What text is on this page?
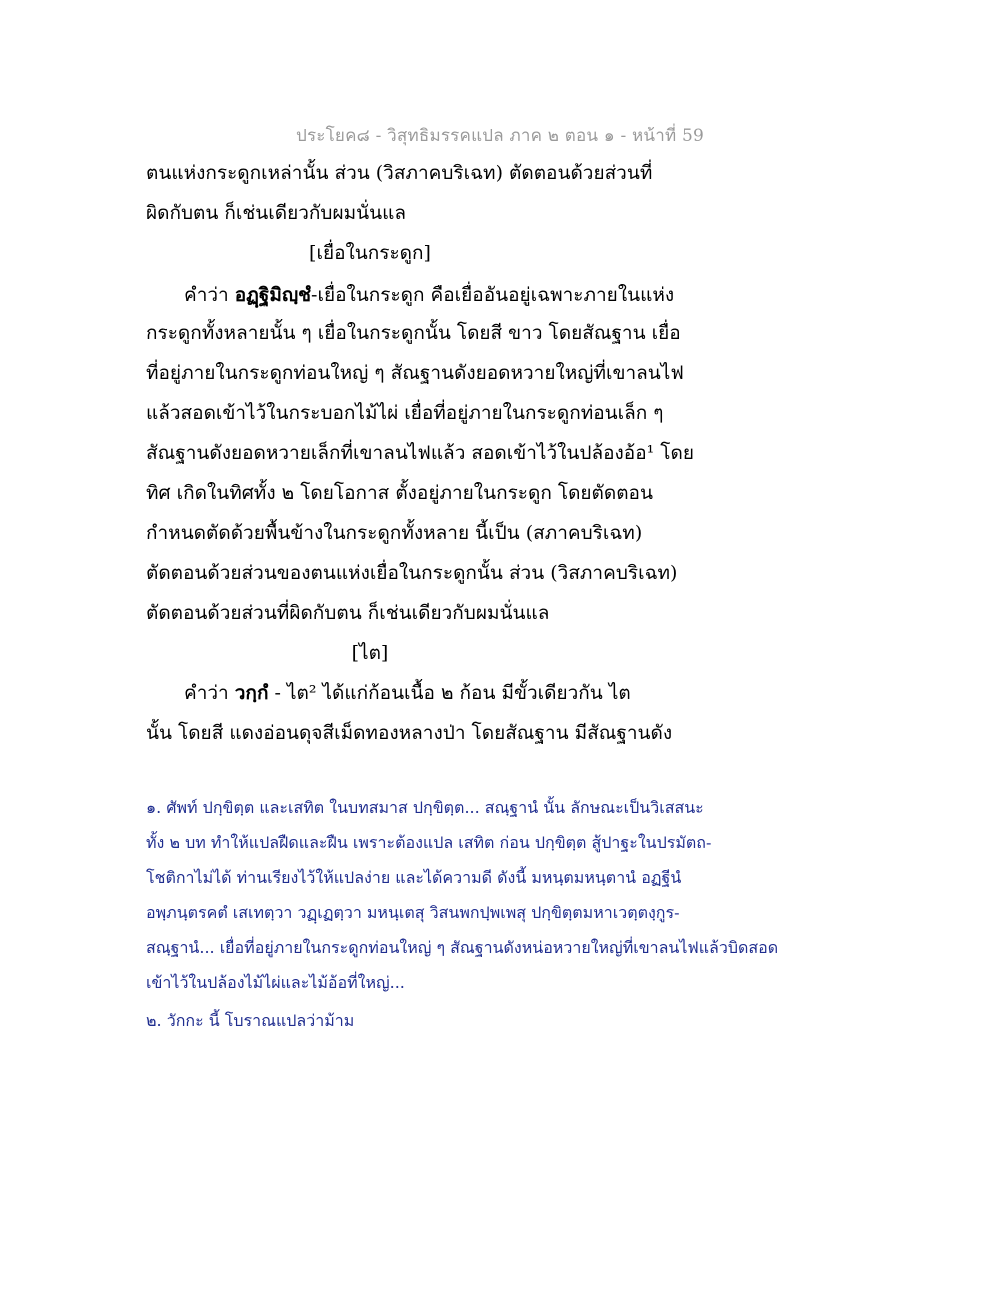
ประโยค๘ - วิสุทธิมรรคแปล ภาค ๒ ตอน ๑ - หน้าที่ 59
ตนแห่งกระดูกเหล่านั้น ส่วน (วิสภาคบริเฉท) ตัดตอนด้วยส่วนที่
ผิดกับตน ก็เช่นเดียวกับผมนั่นแล
[เยื่อในกระดูก]
คำว่า อฏฺฐิมิญฺชํ-เยื่อในกระดูก คือเยื่ออันอยู่เฉพาะภายในแห่ง
กระดูกทั้งหลายนั้น ๆ เยื่อในกระดูกนั้น โดยสี ขาว โดยสัณฐาน เยื่อ
ที่อยู่ภายในกระดูกท่อนใหญ่ ๆ สัณฐานดังยอดหวายใหญ่ที่เขาลนไฟ
แล้วสอดเข้าไว้ในกระบอกไม้ไผ่ เยื่อที่อยู่ภายในกระดูกท่อนเล็ก ๆ
สัณฐานดังยอดหวายเล็กที่เขาลนไฟแล้ว สอดเข้าไว้ในปล้องอ้อ¹ โดย
ทิศ เกิดในทิศทั้ง ๒ โดยโอกาส ตั้งอยู่ภายในกระดูก โดยตัดตอน
กำหนดตัดด้วยพื้นข้างในกระดูกทั้งหลาย นี้เป็น (สภาคบริเฉท)
ตัดตอนด้วยส่วนของตนแห่งเยื่อในกระดูกนั้น ส่วน (วิสภาคบริเฉท)
ตัดตอนด้วยส่วนที่ผิดกับตน ก็เช่นเดียวกับผมนั่นแล
[ไต]
คำว่า วกฺกํ - ไต² ได้แก่ก้อนเนื้อ ๒ ก้อน มีขั้วเดียวกัน ไต
นั้น โดยสี แดงอ่อนดุจสีเม็ดทองหลางป่า โดยสัณฐาน มีสัณฐานดัง
๑. ศัพท์ ปกฺขิตฺต และเสทิต ในบทสมาส ปกฺขิตฺต... สณฺฐานํ นั้น ลักษณะเป็นวิเสสนะ
ทั้ง ๒ บท ทำให้แปลฝืดและฝืน เพราะต้องแปล เสทิต ก่อน ปกฺขิตฺต สู้ปาฐะในปรมัตถ-
โชติกาไม่ได้ ท่านเรียงไว้ให้แปลง่าย และได้ความดี ดังนี้ มหนฺตมหนฺตานํ อฏฐีนํ
อพฺภนฺตรคตํ เสเทตฺวา วฏฺเฏตฺวา มหนฺเตสุ วิสนพกปฺพเพสุ ปกฺขิตฺตมหาเวตฺตงฺกูร-
สณฺฐานํ... เยื่อที่อยู่ภายในกระดูกท่อนใหญ่ ๆ สัณฐานดังหน่อหวายใหญ่ที่เขาลนไฟแล้วบิดสอด
เข้าไว้ในปล้องไม้ไผ่และไม้อ้อที่ใหญ่...
๒. วักกะ นี้ โบราณแปลว่าม้าม
